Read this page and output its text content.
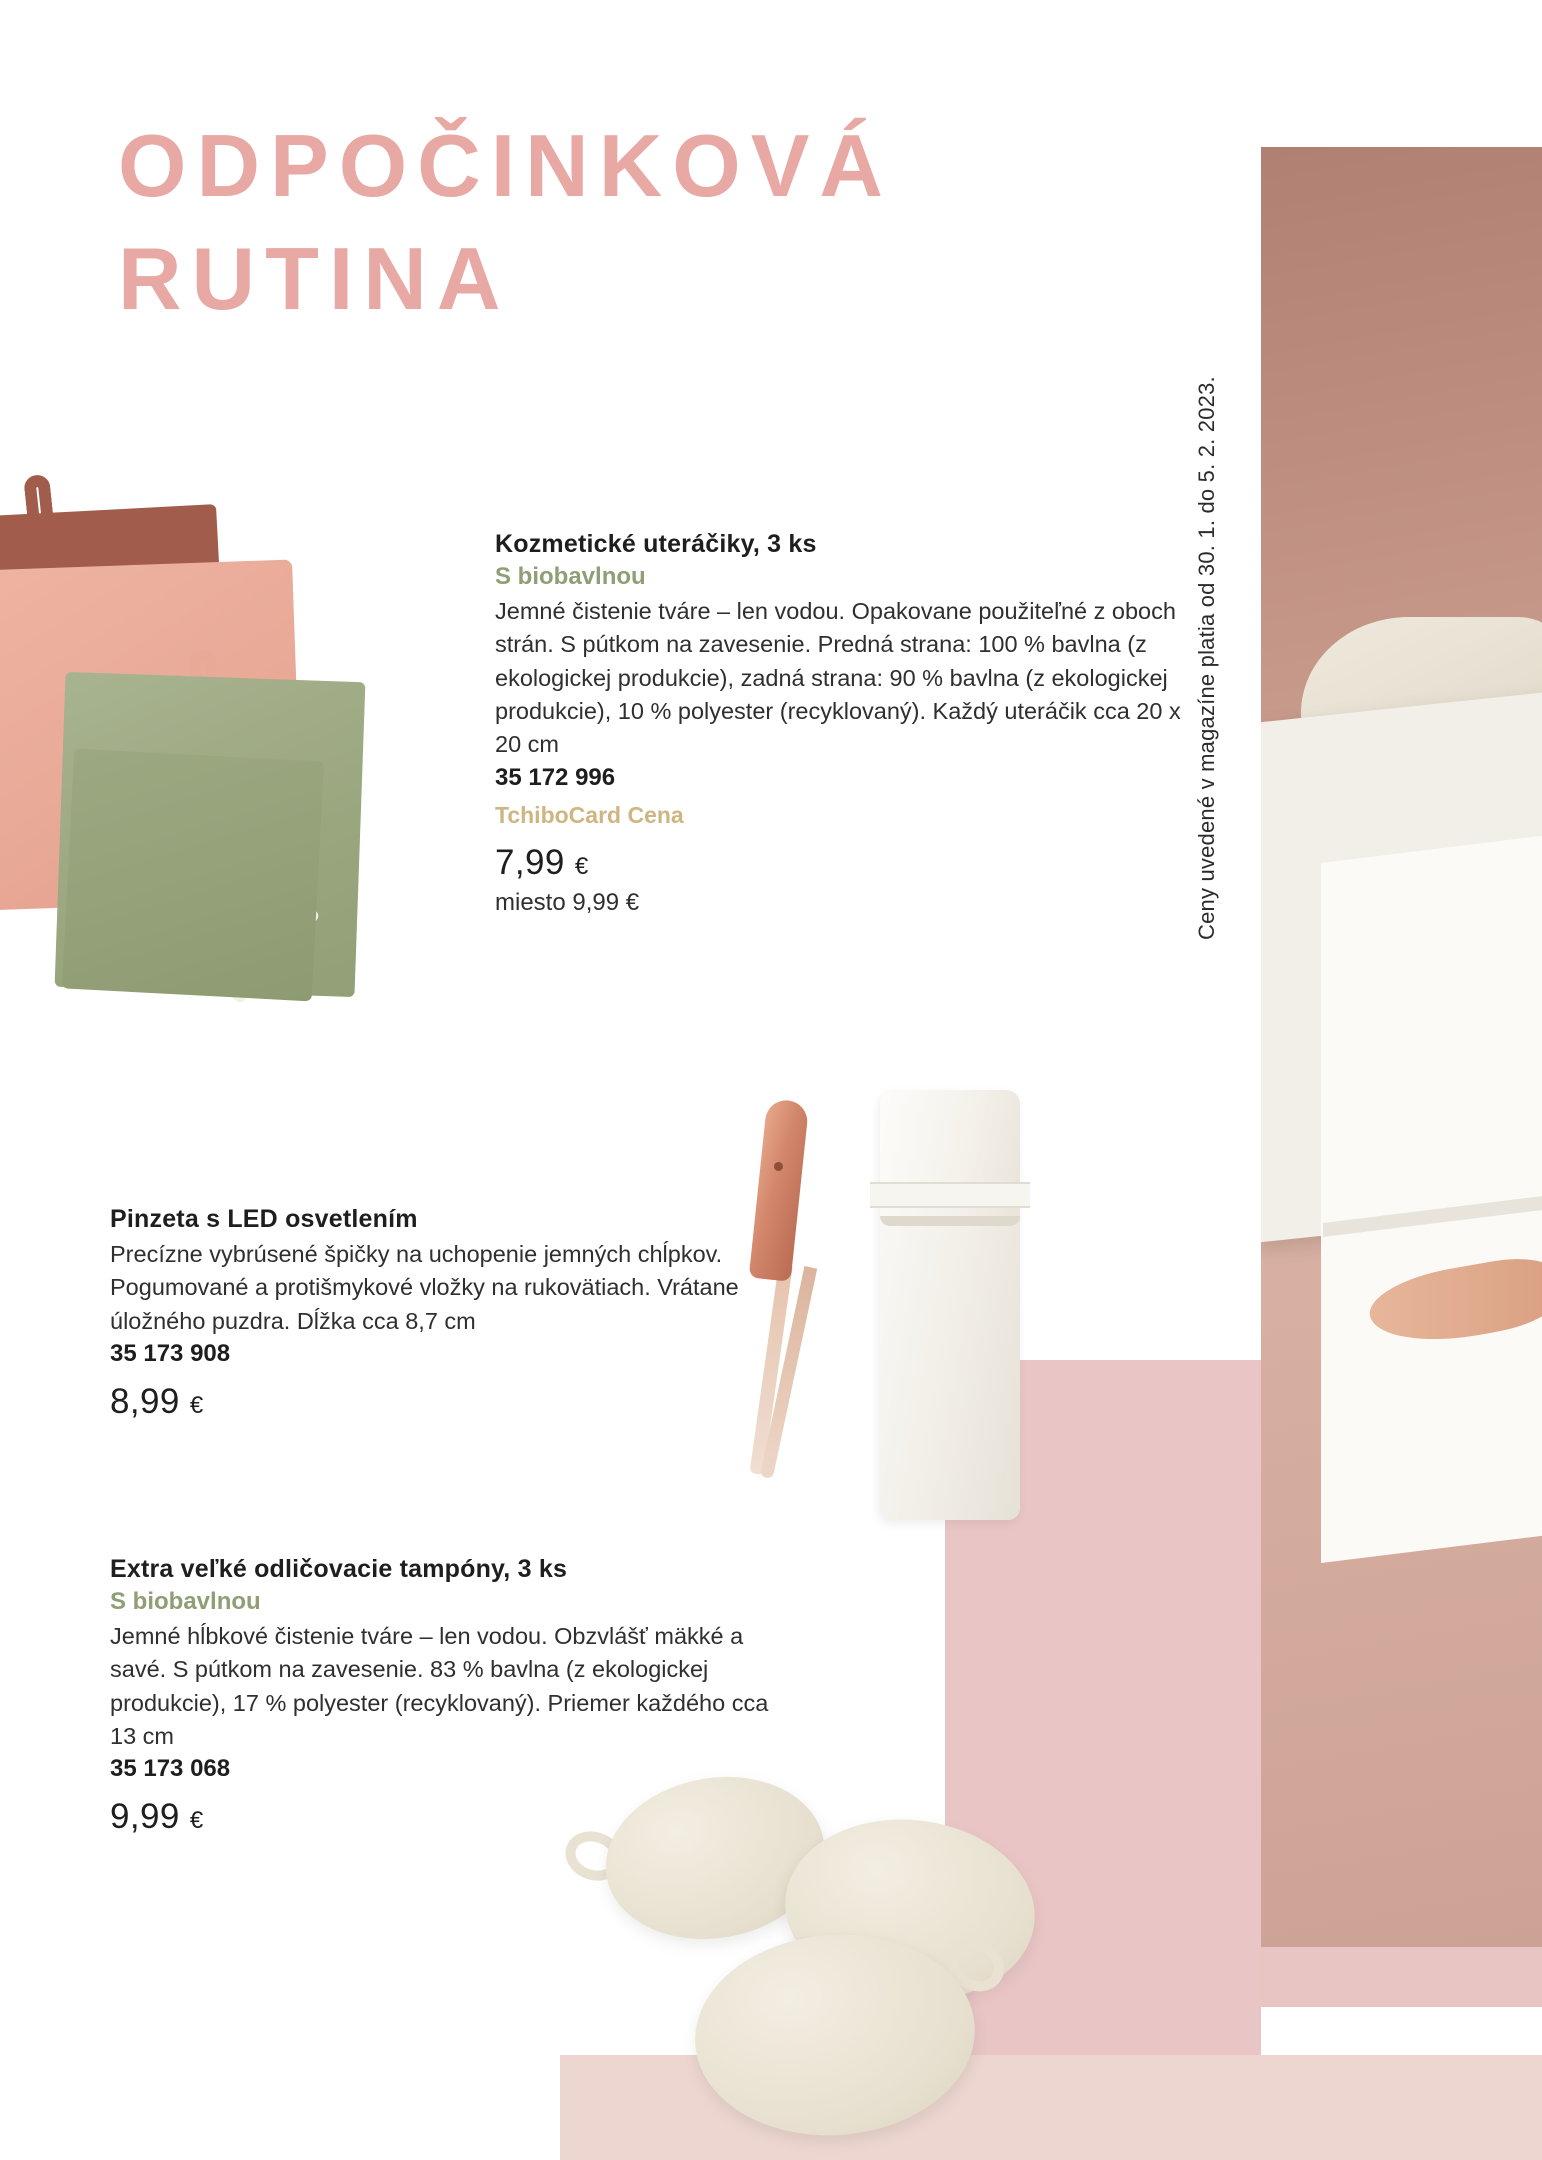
ODPOČINKOVÁ RUTINA
Ceny uvedené v magazíne platia od 30. 1. do 5. 2. 2023.
Kozmetické uteráčiky, 3 ks
S biobavlnou

Jemné čistenie tváre – len vodou. Opakovane použiteľné z oboch strán. S pútkom na zavesenie. Predná strana: 100 % bavlna (z ekologickej produkcie), zadná strana: 90 % bavlna (z ekologickej produkcie), 10 % polyester (recyklovaný). Každý uteráčik cca 20 x 20 cm

35 172 996
TchiboCard Cena
7,99 €
miesto 9,99 €
Pinzeta s LED osvetlením

Precízne vybrúsené špičky na uchopenie jemných chĺpkov. Pogumované a protišmykové vložky na rukovätiach. Vrátane úložného puzdra. Dĺžka cca 8,7 cm

35 173 908
8,99 €
Extra veľké odličovacie tampóny, 3 ks
S biobavlnou

Jemné hĺbkové čistenie tváre – len vodou. Obzvlášť mäkké a savé. S pútkom na zavesenie. 83 % bavlna (z ekologickej produkcie), 17 % polyester (recyklovaný). Priemer každého cca 13 cm

35 173 068
9,99 €
